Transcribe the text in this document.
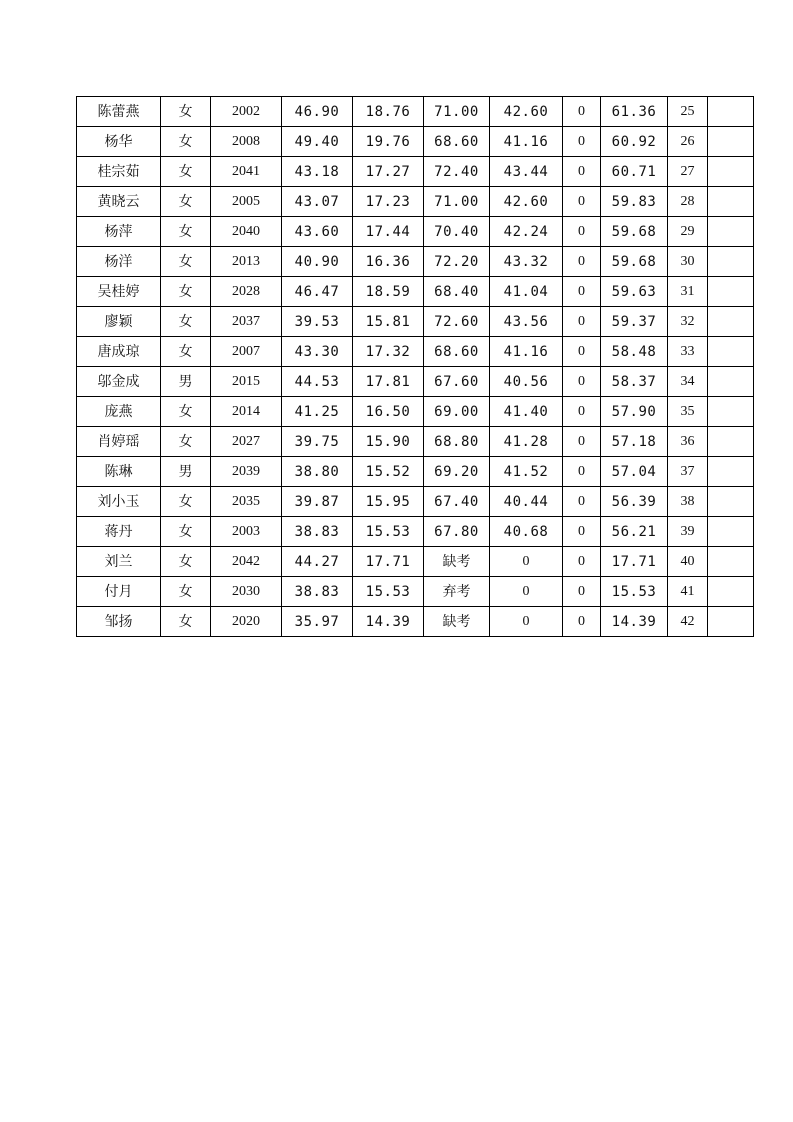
陈蕾燕	女	2002	46.90	18.76	71.00	42.60	0	61.36	25	
杨华	女	2008	49.40	19.76	68.60	41.16	0	60.92	26	
桂宗茹	女	2041	43.18	17.27	72.40	43.44	0	60.71	27	
黄晓云	女	2005	43.07	17.23	71.00	42.60	0	59.83	28	
杨萍	女	2040	43.60	17.44	70.40	42.24	0	59.68	29	
杨洋	女	2013	40.90	16.36	72.20	43.32	0	59.68	30	
吴桂婷	女	2028	46.47	18.59	68.40	41.04	0	59.63	31	
廖颖	女	2037	39.53	15.81	72.60	43.56	0	59.37	32	
唐成琼	女	2007	43.30	17.32	68.60	41.16	0	58.48	33	
邬金成	男	2015	44.53	17.81	67.60	40.56	0	58.37	34	
庞燕	女	2014	41.25	16.50	69.00	41.40	0	57.90	35	
肖婷瑶	女	2027	39.75	15.90	68.80	41.28	0	57.18	36	
陈琳	男	2039	38.80	15.52	69.20	41.52	0	57.04	37	
刘小玉	女	2035	39.87	15.95	67.40	40.44	0	56.39	38	
蒋丹	女	2003	38.83	15.53	67.80	40.68	0	56.21	39	
刘兰	女	2042	44.27	17.71	缺考	0	0	17.71	40	
付月	女	2030	38.83	15.53	弃考	0	0	15.53	41	
邹扬	女	2020	35.97	14.39	缺考	0	0	14.39	42	
